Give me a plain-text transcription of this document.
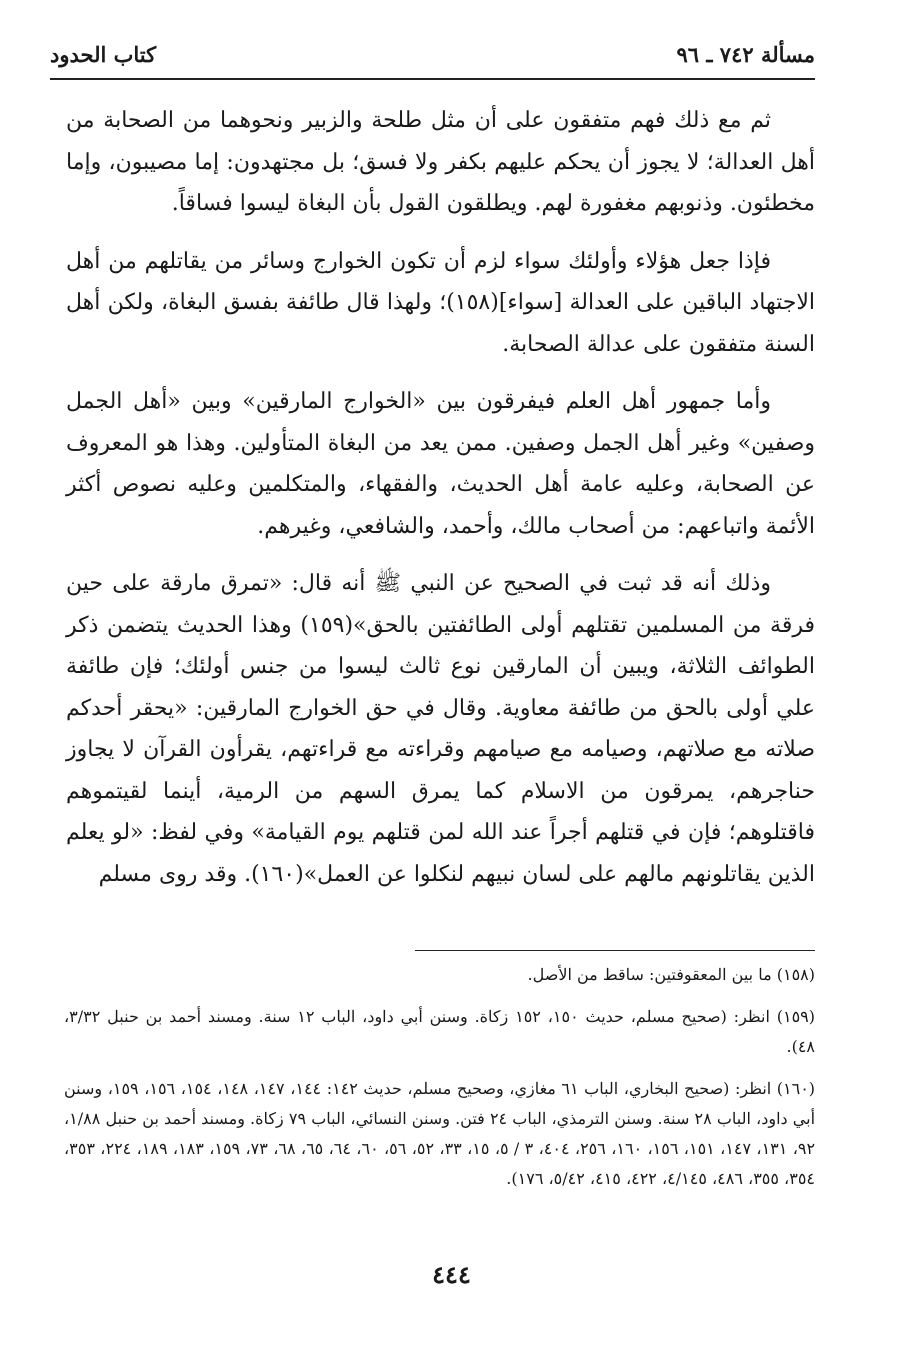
مسألة ٧٤٢ ـ ٩٦
كتاب الحدود

ثم مع ذلك فهم متفقون على أن مثل طلحة والزبير ونحوهما من الصحابة من أهل العدالة؛ لا يجوز أن يحكم عليهم بكفر ولا فسق؛ بل مجتهدون: إما مصيبون، وإما مخطئون. وذنوبهم مغفورة لهم. ويطلقون القول بأن البغاة ليسوا فساقاً.

فإذا جعل هؤلاء وأولئك سواء لزم أن تكون الخوارج وسائر من يقاتلهم من أهل الاجتهاد الباقين على العدالة [سواء](١٥٨)؛ ولهذا قال طائفة بفسق البغاة، ولكن أهل السنة متفقون على عدالة الصحابة.

وأما جمهور أهل العلم فيفرقون بين «الخوارج المارقين» وبين «أهل الجمل وصفين» وغير أهل الجمل وصفين. ممن يعد من البغاة المتأولين. وهذا هو المعروف عن الصحابة، وعليه عامة أهل الحديث، والفقهاء، والمتكلمين وعليه نصوص أكثر الأئمة واتباعهم: من أصحاب مالك، وأحمد، والشافعي، وغيرهم.

وذلك أنه قد ثبت في الصحيح عن النبي ﷺ أنه قال: «تمرق مارقة على حين فرقة من المسلمين تقتلهم أولى الطائفتين بالحق»(١٥٩) وهذا الحديث يتضمن ذكر الطوائف الثلاثة، ويبين أن المارقين نوع ثالث ليسوا من جنس أولئك؛ فإن طائفة علي أولى بالحق من طائفة معاوية. وقال في حق الخوارج المارقين: «يحقر أحدكم صلاته مع صلاتهم، وصيامه مع صيامهم وقراءته مع قراءتهم، يقرأون القرآن لا يجاوز حناجرهم، يمرقون من الاسلام كما يمرق السهم من الرمية، أينما لقيتموهم فاقتلوهم؛ فإن في قتلهم أجراً عند الله لمن قتلهم يوم القيامة» وفي لفظ: «لو يعلم الذين يقاتلونهم مالهم على لسان نبيهم لنكلوا عن العمل»(١٦٠). وقد روى مسلم

(١٥٨) ما بين المعقوفتين: ساقط من الأصل.

(١٥٩) انظر: (صحيح مسلم، حديث ١٥٠، ١٥٢ زكاة. وسنن أبي داود، الباب ١٢ سنة. ومسند أحمد بن حنبل ٣/٣٢، ٤٨).

(١٦٠) انظر: (صحيح البخاري، الباب ٦١ مغازي، وصحيح مسلم، حديث ١٤٢: ١٤٤، ١٤٧، ١٤٨، ١٥٤، ١٥٦، ١٥٩، وسنن أبي داود، الباب ٢٨ سنة. وسنن الترمذي، الباب ٢٤ فتن. وسنن النسائي، الباب ٧٩ زكاة. ومسند أحمد بن حنبل ١/٨٨، ٩٢، ١٣١، ١٤٧، ١٥١، ١٥٦، ١٦٠، ٢٥٦، ٤٠٤، ٣ / ٥، ١٥، ٣٣، ٥٢، ٥٦، ٦٠، ٦٤، ٦٥، ٦٨، ٧٣، ١٥٩، ١٨٣، ١٨٩، ٢٢٤، ٣٥٣، ٣٥٤، ٣٥٥، ٤٨٦، ٤/١٤٥، ٤٢٢، ٤١٥، ٥/٤٢، ١٧٦).

٤٤٤
